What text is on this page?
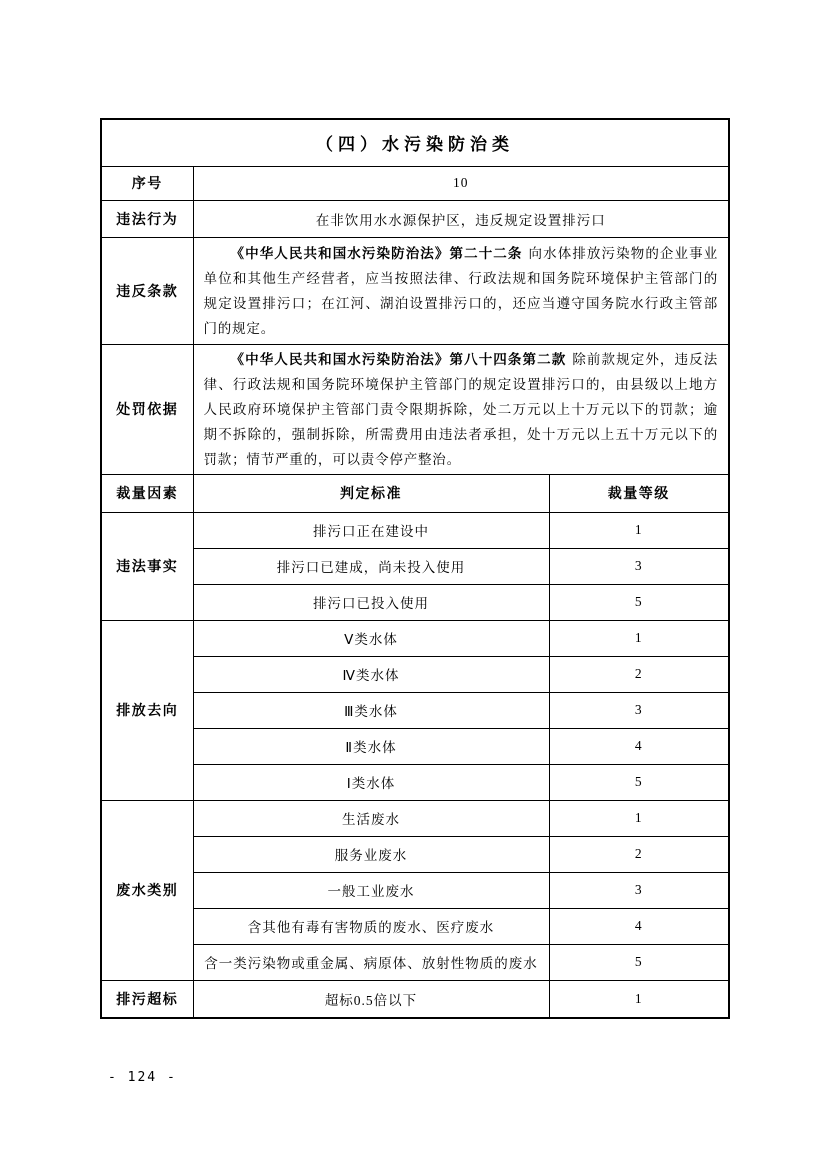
（四）水污染防治类		
序号	10	
违法行为	在非饮用水水源保护区，违反规定设置排污口	
违反条款	《中华人民共和国水污染防治法》第二十二条 向水体排放污染物的企业事业单位和其他生产经营者，应当按照法律、行政法规和国务院环境保护主管部门的规定设置排污口；在江河、湖泊设置排污口的，还应当遵守国务院水行政主管部门的规定。	
处罚依据	《中华人民共和国水污染防治法》第八十四条第二款 除前款规定外，违反法律、行政法规和国务院环境保护主管部门的规定设置排污口的，由县级以上地方人民政府环境保护主管部门责令限期拆除，处二万元以上十万元以下的罚款；逾期不拆除的，强制拆除，所需费用由违法者承担，处十万元以上五十万元以下的罚款；情节严重的，可以责令停产整治。	
裁量因素	判定标准	裁量等级
违法事实	排污口正在建设中	1
	排污口已建成，尚未投入使用	3
	排污口已投入使用	5
排放去向	Ⅴ类水体	1
	Ⅳ类水体	2
	Ⅲ类水体	3
	Ⅱ类水体	4
	Ⅰ类水体	5
废水类别	生活废水	1
	服务业废水	2
	一般工业废水	3
	含其他有毒有害物质的废水、医疗废水	4
	含一类污染物或重金属、病原体、放射性物质的废水	5
排污超标	超标0.5倍以下	1
- 124 -
